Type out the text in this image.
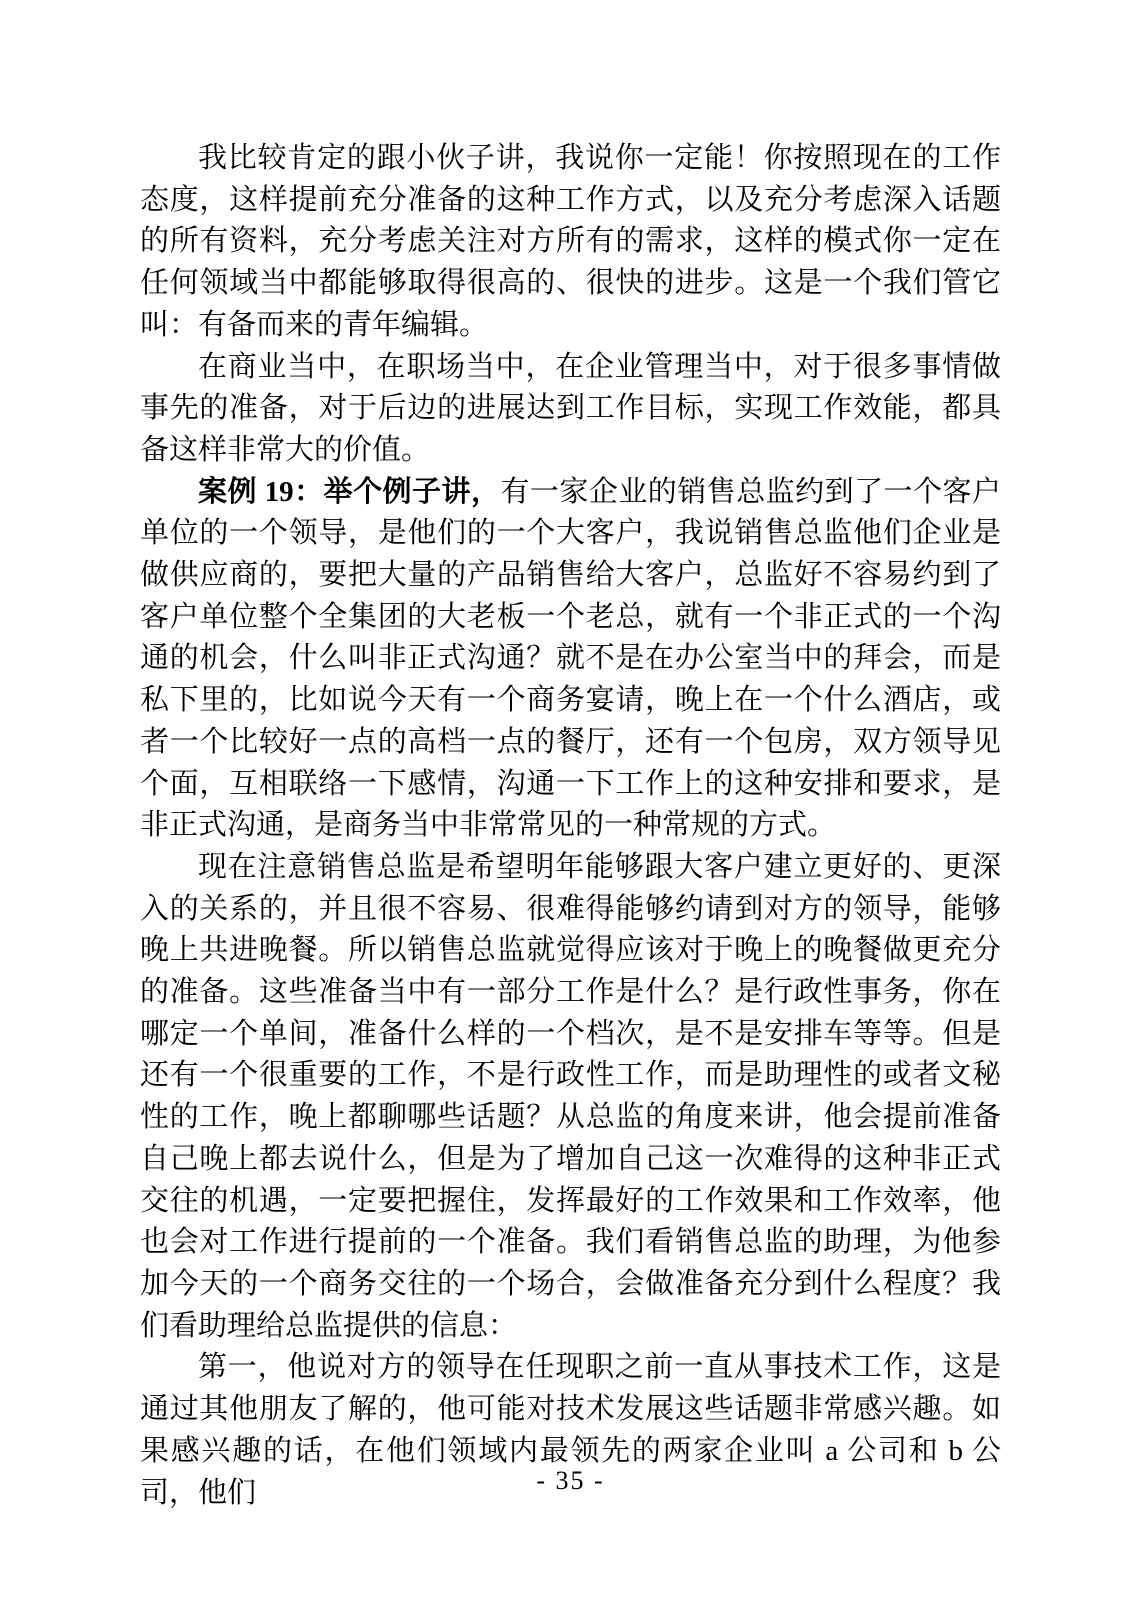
我比较肯定的跟小伙子讲，我说你一定能！你按照现在的工作态度，这样提前充分准备的这种工作方式，以及充分考虑深入话题的所有资料，充分考虑关注对方所有的需求，这样的模式你一定在任何领域当中都能够取得很高的、很快的进步。这是一个我们管它叫：有备而来的青年编辑。

在商业当中，在职场当中，在企业管理当中，对于很多事情做事先的准备，对于后边的进展达到工作目标，实现工作效能，都具备这样非常大的价值。

案例 19：举个例子讲，有一家企业的销售总监约到了一个客户单位的一个领导，是他们的一个大客户，我说销售总监他们企业是做供应商的，要把大量的产品销售给大客户，总监好不容易约到了客户单位整个全集团的大老板一个老总，就有一个非正式的一个沟通的机会，什么叫非正式沟通？就不是在办公室当中的拜会，而是私下里的，比如说今天有一个商务宴请，晚上在一个什么酒店，或者一个比较好一点的高档一点的餐厅，还有一个包房，双方领导见个面，互相联络一下感情，沟通一下工作上的这种安排和要求，是非正式沟通，是商务当中非常常见的一种常规的方式。

现在注意销售总监是希望明年能够跟大客户建立更好的、更深入的关系的，并且很不容易、很难得能够约请到对方的领导，能够晚上共进晚餐。所以销售总监就觉得应该对于晚上的晚餐做更充分的准备。这些准备当中有一部分工作是什么？是行政性事务，你在哪定一个单间，准备什么样的一个档次，是不是安排车等等。但是还有一个很重要的工作，不是行政性工作，而是助理性的或者文秘性的工作，晚上都聊哪些话题？从总监的角度来讲，他会提前准备自己晚上都去说什么，但是为了增加自己这一次难得的这种非正式交往的机遇，一定要把握住，发挥最好的工作效果和工作效率，他也会对工作进行提前的一个准备。我们看销售总监的助理，为他参加今天的一个商务交往的一个场合，会做准备充分到什么程度？我们看助理给总监提供的信息：

第一，他说对方的领导在任现职之前一直从事技术工作，这是通过其他朋友了解的，他可能对技术发展这些话题非常感兴趣。如果感兴趣的话，在他们领域内最领先的两家企业叫 a 公司和 b 公司，他们	- 35 -
